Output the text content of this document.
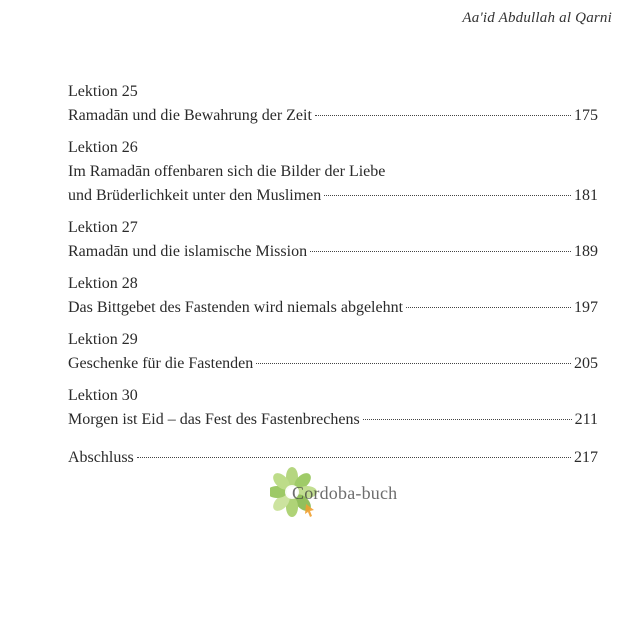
Aa'id Abdullah al Qarni
Lektion 25
Ramadān und die Bewahrung der Zeit	175
Lektion 26
Im Ramadān offenbaren sich die Bilder der Liebe
und Brüderlichkeit unter den Muslimen	181
Lektion 27
Ramadān und die islamische Mission	189
Lektion 28
Das Bittgebet des Fastenden wird niemals abgelehnt	197
Lektion 29
Geschenke für die Fastenden	205
Lektion 30
Morgen ist Eid – das Fest des Fastenbrechens	211
Abschluss	217
Cordoba-buch
